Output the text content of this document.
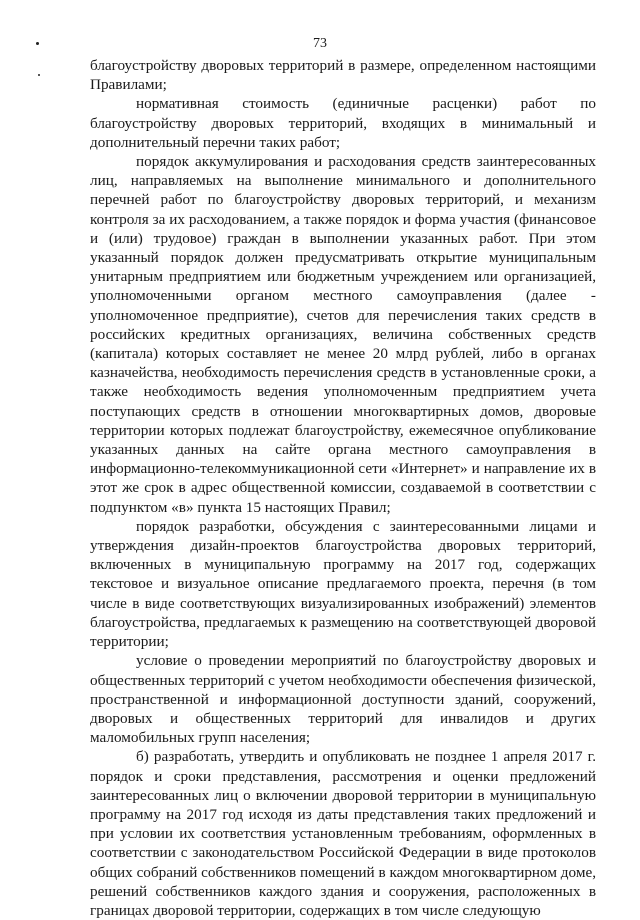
73

благоустройству дворовых территорий в размере, определенном настоящими Правилами;

нормативная стоимость (единичные расценки) работ по благоустройству дворовых территорий, входящих в минимальный и дополнительный перечни таких работ;

порядок аккумулирования и расходования средств заинтересованных лиц, направляемых на выполнение минимального и дополнительного перечней работ по благоустройству дворовых территорий, и механизм контроля за их расходованием, а также порядок и форма участия (финансовое и (или) трудовое) граждан в выполнении указанных работ. При этом указанный порядок должен предусматривать открытие муниципальным унитарным предприятием или бюджетным учреждением или организацией, уполномоченными органом местного самоуправления (далее - уполномоченное предприятие), счетов для перечисления таких средств в российских кредитных организациях, величина собственных средств (капитала) которых составляет не менее 20 млрд рублей, либо в органах казначейства, необходимость перечисления средств в установленные сроки, а также необходимость ведения уполномоченным предприятием учета поступающих средств в отношении многоквартирных домов, дворовые территории которых подлежат благоустройству, ежемесячное опубликование указанных данных на сайте органа местного самоуправления в информационно-телекоммуникационной сети «Интернет» и направление их в этот же срок в адрес общественной комиссии, создаваемой в соответствии с подпунктом «в» пункта 15 настоящих Правил;

порядок разработки, обсуждения с заинтересованными лицами и утверждения дизайн-проектов благоустройства дворовых территорий, включенных в муниципальную программу на 2017 год, содержащих текстовое и визуальное описание предлагаемого проекта, перечня (в том числе в виде соответствующих визуализированных изображений) элементов благоустройства, предлагаемых к размещению на соответствующей дворовой территории;

условие о проведении мероприятий по благоустройству дворовых и общественных территорий с учетом необходимости обеспечения физической, пространственной и информационной доступности зданий, сооружений, дворовых и общественных территорий для инвалидов и других маломобильных групп населения;

б) разработать, утвердить и опубликовать не позднее 1 апреля 2017 г. порядок и сроки представления, рассмотрения и оценки предложений заинтересованных лиц о включении дворовой территории в муниципальную программу на 2017 год исходя из даты представления таких предложений и при условии их соответствия установленным требованиям, оформленных в соответствии с законодательством Российской Федерации в виде протоколов общих собраний собственников помещений в каждом многоквартирном доме, решений собственников каждого здания и сооружения, расположенных в границах дворовой территории, содержащих в том числе следующую
